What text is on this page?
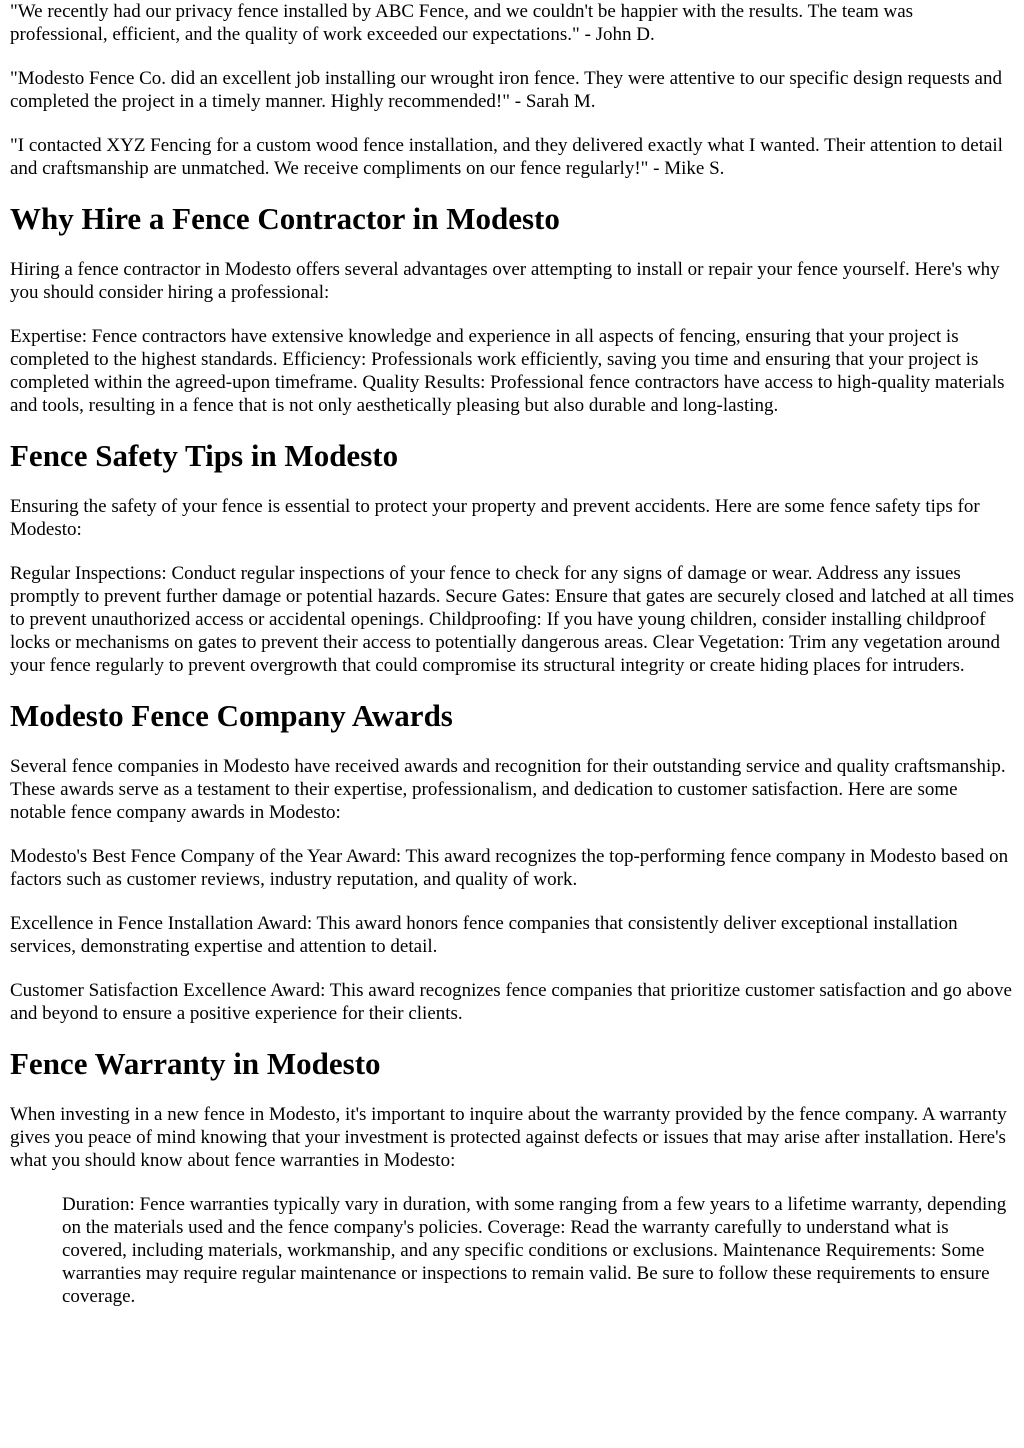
"We recently had our privacy fence installed by ABC Fence, and we couldn't be happier with the results. The team was professional, efficient, and the quality of work exceeded our expectations." - John D.

"Modesto Fence Co. did an excellent job installing our wrought iron fence. They were attentive to our specific design requests and completed the project in a timely manner. Highly recommended!" - Sarah M.

"I contacted XYZ Fencing for a custom wood fence installation, and they delivered exactly what I wanted. Their attention to detail and craftsmanship are unmatched. We receive compliments on our fence regularly!" - Mike S.

Why Hire a Fence Contractor in Modesto

Hiring a fence contractor in Modesto offers several advantages over attempting to install or repair your fence yourself. Here's why you should consider hiring a professional:

Expertise: Fence contractors have extensive knowledge and experience in all aspects of fencing, ensuring that your project is completed to the highest standards. Efficiency: Professionals work efficiently, saving you time and ensuring that your project is completed within the agreed-upon timeframe. Quality Results: Professional fence contractors have access to high-quality materials and tools, resulting in a fence that is not only aesthetically pleasing but also durable and long-lasting.

Fence Safety Tips in Modesto

Ensuring the safety of your fence is essential to protect your property and prevent accidents. Here are some fence safety tips for Modesto:

Regular Inspections: Conduct regular inspections of your fence to check for any signs of damage or wear. Address any issues promptly to prevent further damage or potential hazards. Secure Gates: Ensure that gates are securely closed and latched at all times to prevent unauthorized access or accidental openings. Childproofing: If you have young children, consider installing childproof locks or mechanisms on gates to prevent their access to potentially dangerous areas. Clear Vegetation: Trim any vegetation around your fence regularly to prevent overgrowth that could compromise its structural integrity or create hiding places for intruders.

Modesto Fence Company Awards

Several fence companies in Modesto have received awards and recognition for their outstanding service and quality craftsmanship. These awards serve as a testament to their expertise, professionalism, and dedication to customer satisfaction. Here are some notable fence company awards in Modesto:

Modesto's Best Fence Company of the Year Award: This award recognizes the top-performing fence company in Modesto based on factors such as customer reviews, industry reputation, and quality of work.

Excellence in Fence Installation Award: This award honors fence companies that consistently deliver exceptional installation services, demonstrating expertise and attention to detail.

Customer Satisfaction Excellence Award: This award recognizes fence companies that prioritize customer satisfaction and go above and beyond to ensure a positive experience for their clients.

Fence Warranty in Modesto

When investing in a new fence in Modesto, it's important to inquire about the warranty provided by the fence company. A warranty gives you peace of mind knowing that your investment is protected against defects or issues that may arise after installation. Here's what you should know about fence warranties in Modesto:

Duration: Fence warranties typically vary in duration, with some ranging from a few years to a lifetime warranty, depending on the materials used and the fence company's policies. Coverage: Read the warranty carefully to understand what is covered, including materials, workmanship, and any specific conditions or exclusions. Maintenance Requirements: Some warranties may require regular maintenance or inspections to remain valid. Be sure to follow these requirements to ensure coverage.
